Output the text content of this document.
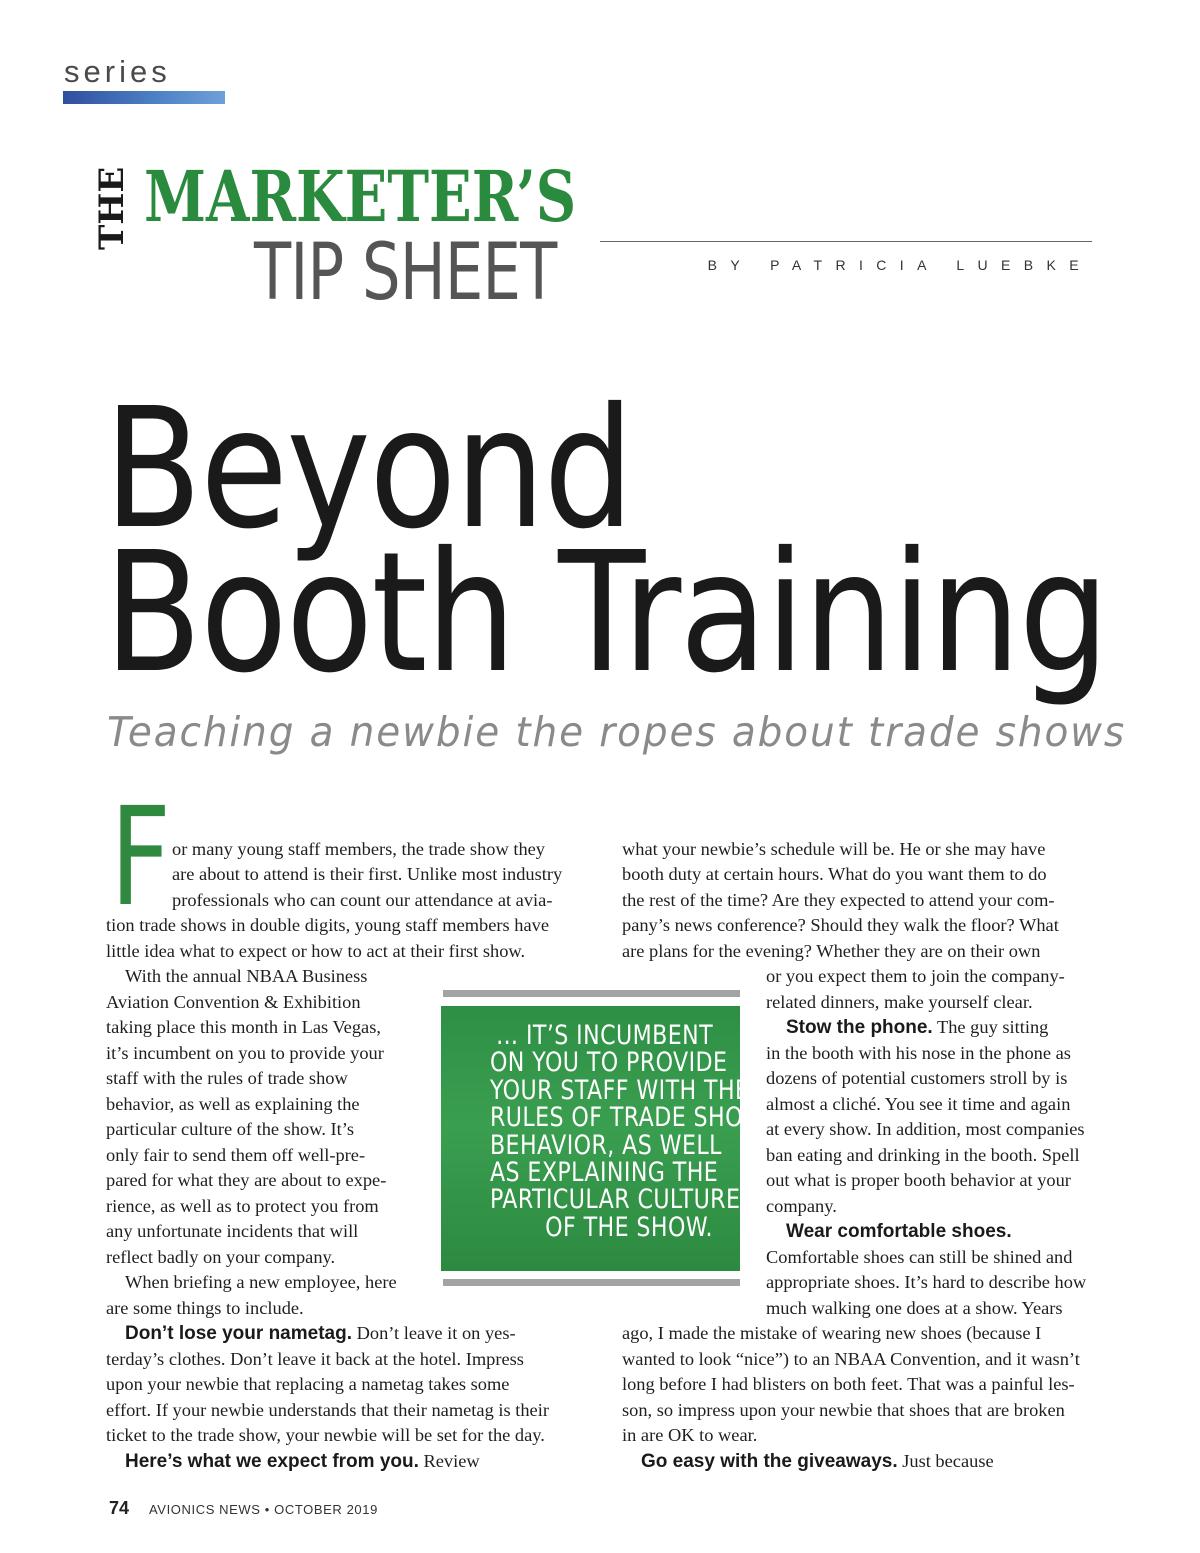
series
THE MARKETER’S
TIP SHEET	BY PATRICIA LUEBKE
Beyond
Booth Training
Teaching a newbie the ropes about trade shows
F or many young staff members, the trade show they

are about to attend is their first. Unlike most industry

professionals who can count our attendance at avia-

tion trade shows in double digits, young staff members have

little idea what to expect or how to act at their first show.

With the annual NBAA Business

Aviation Convention & Exhibition

taking place this month in Las Vegas,

it’s incumbent on you to provide your

staff with the rules of trade show

behavior, as well as explaining the

particular culture of the show. It’s

only fair to send them off well-pre-

pared for what they are about to expe-

rience, as well as to protect you from

any unfortunate incidents that will

reflect badly on your company.

When briefing a new employee, here

are some things to include.

Don’t lose your nametag. Don’t leave it on yes-

terday’s clothes. Don’t leave it back at the hotel. Impress

upon your newbie that replacing a nametag takes some

effort. If your newbie understands that their nametag is their

ticket to the trade show, your newbie will be set for the day.

Here’s what we expect from you. Review

… IT’S INCUMBENT
ON YOU TO PROVIDE
YOUR STAFF WITH THE
RULES OF TRADE SHOW
BEHAVIOR, AS WELL
AS EXPLAINING THE
PARTICULAR CULTURE
OF THE SHOW.

what your newbie’s schedule will be. He or she may have

booth duty at certain hours. What do you want them to do

the rest of the time? Are they expected to attend your com-

pany’s news conference? Should they walk the floor? What

are plans for the evening? Whether they are on their own

or you expect them to join the company-

related dinners, make yourself clear.

Stow the phone. The guy sitting

in the booth with his nose in the phone as

dozens of potential customers stroll by is

almost a cliché. You see it time and again

at every show. In addition, most companies

ban eating and drinking in the booth. Spell

out what is proper booth behavior at your

company.

Wear comfortable shoes.

Comfortable shoes can still be shined and

appropriate shoes. It’s hard to describe how

much walking one does at a show. Years

ago, I made the mistake of wearing new shoes (because I

wanted to look “nice”) to an NBAA Convention, and it wasn’t

long before I had blisters on both feet. That was a painful les-

son, so impress upon your newbie that shoes that are broken

in are OK to wear.

Go easy with the giveaways. Just because

74 AVIONICS NEWS • OCTOBER 2019
